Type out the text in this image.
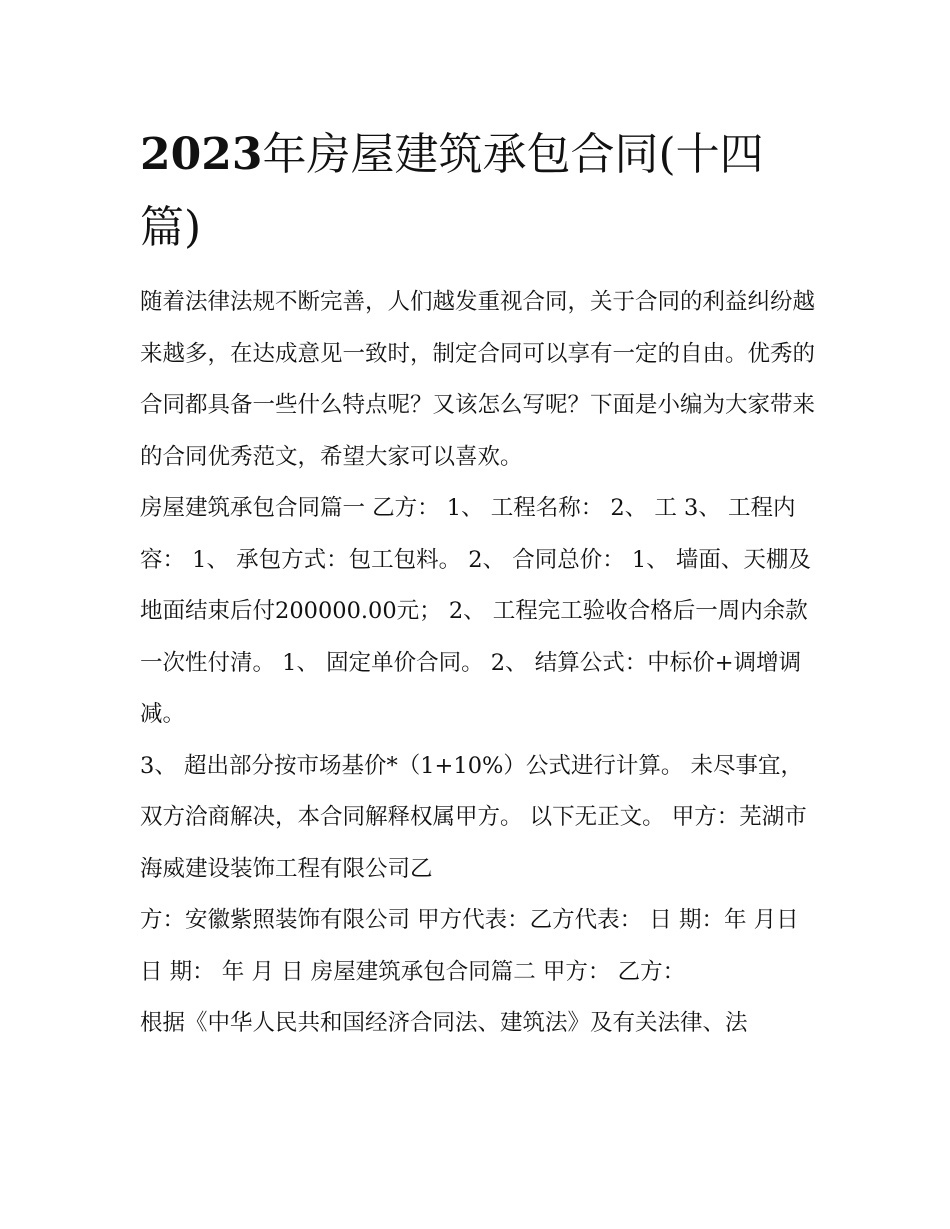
2023年房屋建筑承包合同(十四篇)

随着法律法规不断完善，人们越发重视合同，关于合同的利益纠纷越来越多，在达成意见一致时，制定合同可以享有一定的自由。优秀的合同都具备一些什么特点呢？又该怎么写呢？下面是小编为大家带来的合同优秀范文，希望大家可以喜欢。

房屋建筑承包合同篇一 乙方： 1、 工程名称： 2、 工 3、 工程内容： 1、 承包方式：包工包料。 2、 合同总价： 1、 墙面、天棚及地面结束后付200000.00元； 2、 工程完工验收合格后一周内余款一次性付清。 1、 固定单价合同。 2、 结算公式：中标价+调增调减。

3、 超出部分按市场基价*（1+10%）公式进行计算。 未尽事宜，双方洽商解决，本合同解释权属甲方。 以下无正文。 甲方：芜湖市海威建设装饰工程有限公司乙

方：安徽紫照装饰有限公司 甲方代表：乙方代表： 日 期：年 月日日 期： 年 月 日 房屋建筑承包合同篇二 甲方： 乙方：

根据《中华人民共和国经济合同法、建筑法》及有关法律、法
